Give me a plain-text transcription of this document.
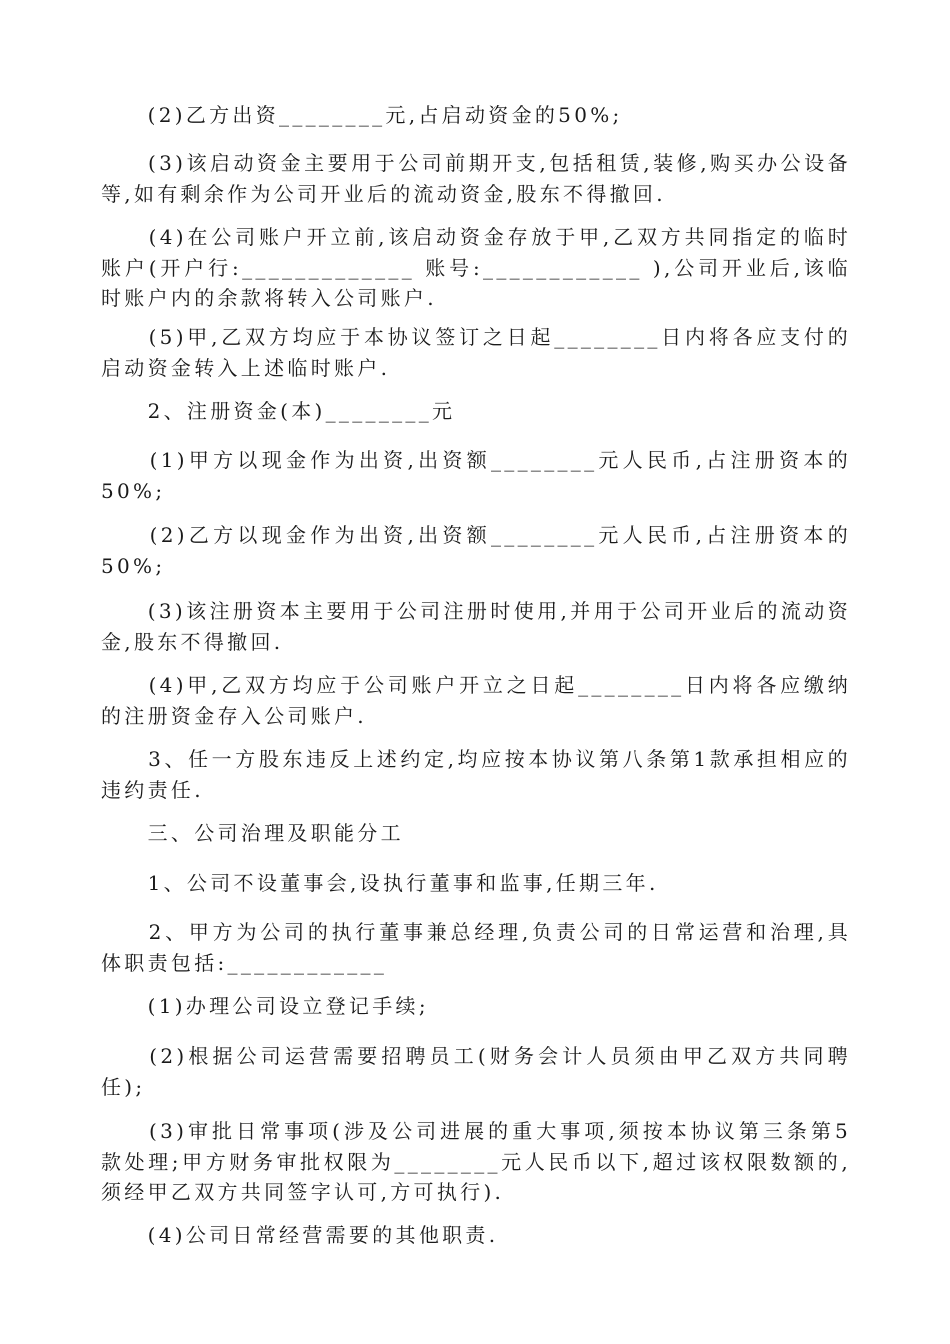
　　(2)乙方出资________元,占启动资金的50%;

　　(3)该启动资金主要用于公司前期开支,包括租赁,装修,购买办公设备等,如有剩余作为公司开业后的流动资金,股东不得撤回.

　　(4)在公司账户开立前,该启动资金存放于甲,乙双方共同指定的临时账户(开户行:_____________ 账号:____________ ),公司开业后,该临时账户内的余款将转入公司账户.

　　(5)甲,乙双方均应于本协议签订之日起________日内将各应支付的启动资金转入上述临时账户.

　　2、注册资金(本)________元

　　(1)甲方以现金作为出资,出资额________元人民币,占注册资本的50%;

　　(2)乙方以现金作为出资,出资额________元人民币,占注册资本的50%;

　　(3)该注册资本主要用于公司注册时使用,并用于公司开业后的流动资金,股东不得撤回.

　　(4)甲,乙双方均应于公司账户开立之日起________日内将各应缴纳的注册资金存入公司账户.

　　3、任一方股东违反上述约定,均应按本协议第八条第1款承担相应的违约责任.

　　三、公司治理及职能分工

　　1、公司不设董事会,设执行董事和监事,任期三年.

　　2、甲方为公司的执行董事兼总经理,负责公司的日常运营和治理,具体职责包括:____________

　　(1)办理公司设立登记手续;

　　(2)根据公司运营需要招聘员工(财务会计人员须由甲乙双方共同聘任);

　　(3)审批日常事项(涉及公司进展的重大事项,须按本协议第三条第5款处理;甲方财务审批权限为________元人民币以下,超过该权限数额的,须经甲乙双方共同签字认可,方可执行).

　　(4)公司日常经营需要的其他职责.
